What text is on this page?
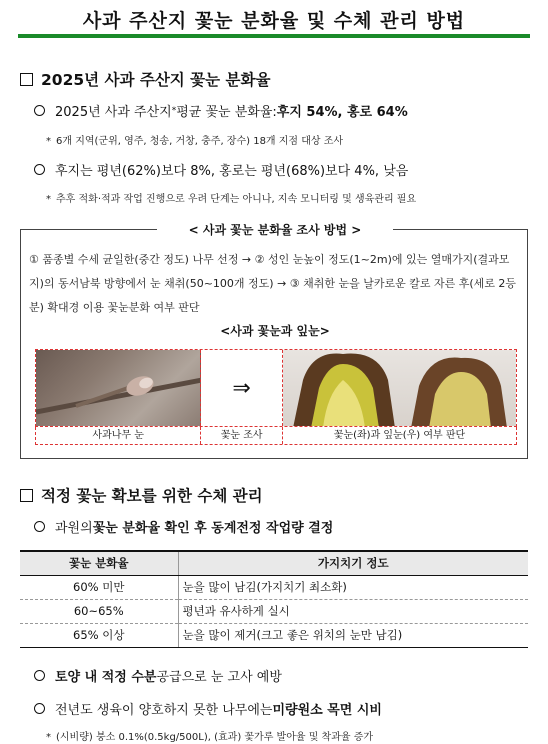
사과 주산지 꽃눈 분화율 및 수체 관리 방법
2025년 사과 주산지 꽃눈 분화율
2025년 사과 주산지 * 평균 꽃눈 분화율: 후지 54%, 홍로 64%
* 6개 지역(군위, 영주, 청송, 거창, 충주, 장수) 18개 지점 대상 조사
후지는 평년(62%)보다 8%, 홍로는 평년(68%)보다 4%, 낮음
* 추후 적화·적과 작업 진행으로 우려 단계는 아니나, 지속 모니터링 및 생육관리 필요
< 사과 꽃눈 분화율 조사 방법 >
① 품종별 수세 균일한(중간 정도) 나무 선정 → ② 성인 눈높이 정도(1~2m)에 있는 열매가지(결과모지)의 동서남북 방향에서 눈 채취(50~100개 정도) → ③ 채취한 눈을 날카로운 칼로 자른 후(세로 2등분) 확대경 이용 꽃눈분화 여부 판단
<사과 꽃눈과 잎눈>
⇒
사과나무 눈	꽃눈 조사	꽃눈(좌)과 잎눈(우) 여부 판단
적정 꽃눈 확보를 위한 수체 관리
과원의 꽃눈 분화율 확인 후 동계전정 작업량 결정
꽃눈 분화율	가지치기 정도
60% 미만	눈을 많이 남김(가지치기 최소화)
60~65%	평년과 유사하게 실시
65% 이상	눈을 많이 제거(크고 좋은 위치의 눈만 남김)
토양 내 적정 수분 공급으로 눈 고사 예방
전년도 생육이 양호하지 못한 나무에는 미량원소 목면 시비
* (시비량) 붕소 0.1%(0.5kg/500L), (효과) 꽃가루 발아율 및 착과율 증가
